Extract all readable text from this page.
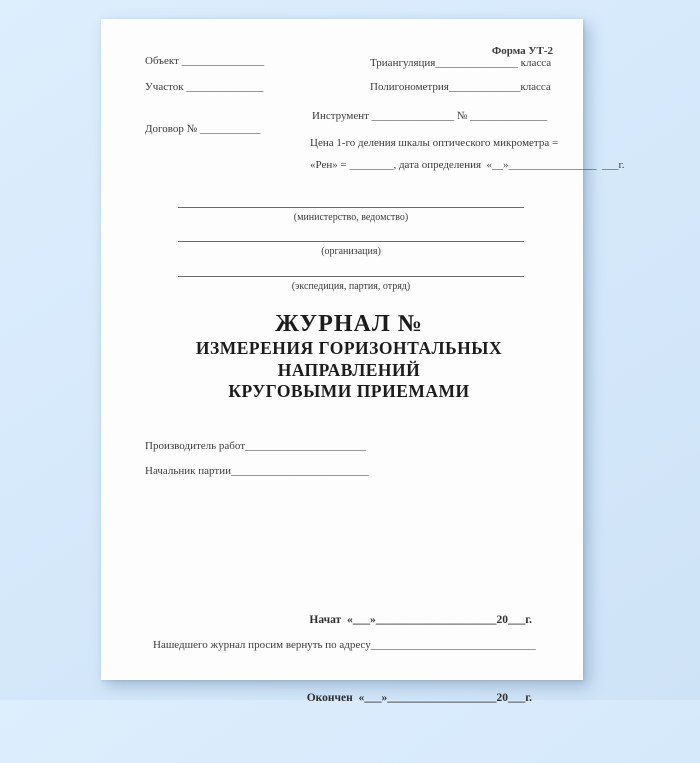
Форма УТ-2
Объект _______________
Участок ______________
Договор № ___________
Триангуляция_______________ класса
Полигонометрия_____________класса
Инструмент _______________ № ______________
Цена 1-го деления шкалы оптического микрометра =
«Рен» = ________, дата определения  «__»________________  ___г.
(министерство, ведомство)
(организация)
(экспедиция, партия, отряд)
ЖУРНАЛ №
ИЗМЕРЕНИЯ ГОРИЗОНТАЛЬНЫХ
НАПРАВЛЕНИЙ
КРУГОВЫМИ ПРИЕМАМИ
Производитель работ______________________
Начальник партии_________________________

Начат  «___»_____________________20___г.

Окончен  «___»___________________20___г.

Нашедшего журнал просим вернуть по адресу______________________________
